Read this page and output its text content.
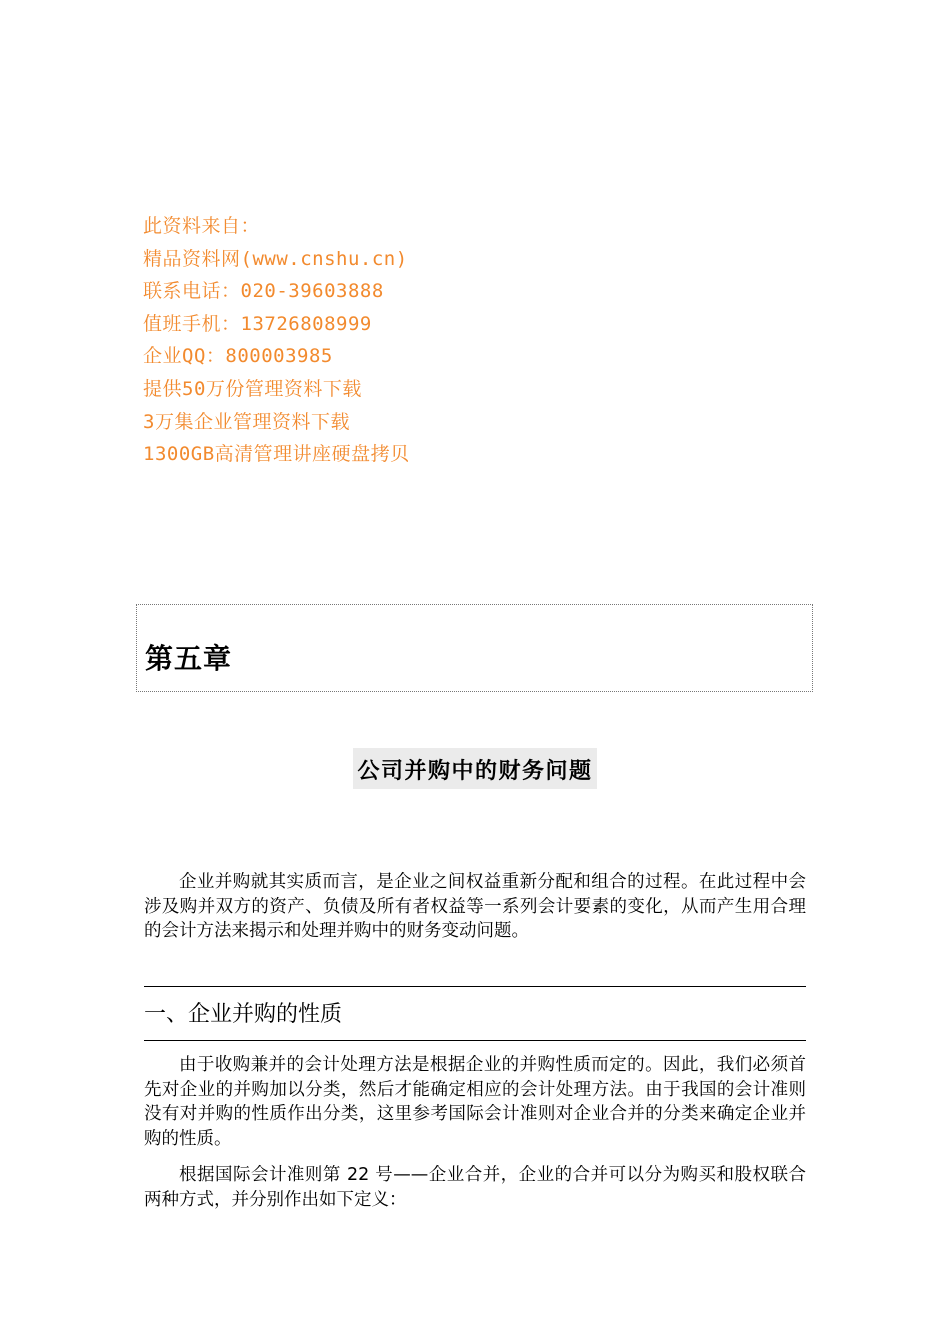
此资料来自：
精品资料网(www.cnshu.cn)
联系电话：020-39603888
值班手机：13726808999
企业QQ：800003985
提供50万份管理资料下载
3万集企业管理资料下载
1300GB高清管理讲座硬盘拷贝
第五章
公司并购中的财务问题

企业并购就其实质而言，是企业之间权益重新分配和组合的过程。在此过程中会涉及购并双方的资产、负债及所有者权益等一系列会计要素的变化，从而产生用合理的会计方法来揭示和处理并购中的财务变动问题。

一、企业并购的性质

由于收购兼并的会计处理方法是根据企业的并购性质而定的。因此，我们必须首先对企业的并购加以分类，然后才能确定相应的会计处理方法。由于我国的会计准则没有对并购的性质作出分类，这里参考国际会计准则对企业合并的分类来确定企业并购的性质。

根据国际会计准则第 22 号——企业合并，企业的合并可以分为购买和股权联合两种方式，并分别作出如下定义：
